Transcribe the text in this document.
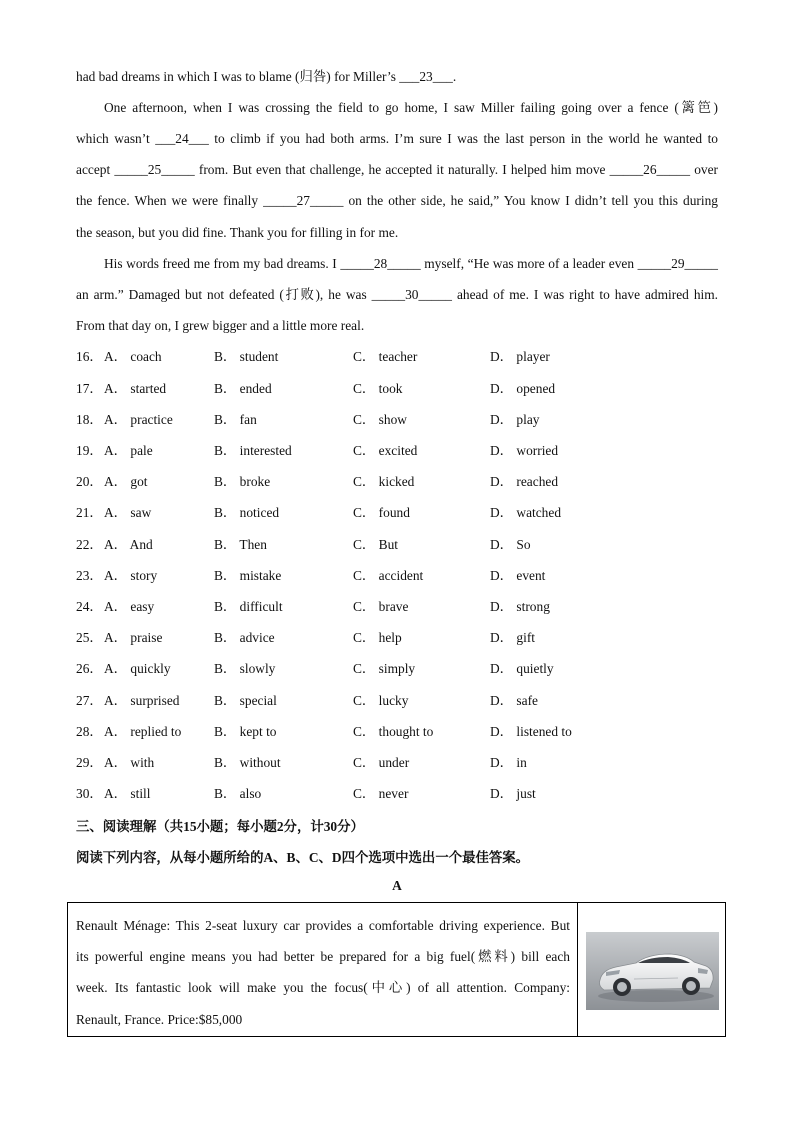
had bad dreams in which I was to blame (归咎) for Miller’s ___23___.
One afternoon, when I was crossing the field to go home, I saw Miller failing going over a fence (篱笆)
which wasn’t ___24___ to climb if you had both arms. I’m sure I was the last person in the world he wanted to
accept _____25_____ from. But even that challenge, he accepted it naturally. I helped him move _____26_____ over
the fence. When we were finally _____27_____ on the other side, he said,” You know I didn’t tell you this during
the season, but you did fine. Thank you for filling in for me.
His words freed me from my bad dreams. I _____28_____ myself, “He was more of a leader even _____29_____
an arm.” Damaged but not defeated (打败), he was _____30_____ ahead of me. I was right to have admired him.
From that day on, I grew bigger and a little more real.
16． A． coach	B． student	C． teacher	D． player
17． A． started	B． ended	C． took	D． opened
18． A． practice	B． fan	C． show	D． play
19． A． pale	B． interested	C． excited	D． worried
20． A． got	B． broke	C． kicked	D． reached
21． A． saw	B． noticed	C． found	D． watched
22． A． And	B． Then	C． But	D． So
23． A． story	B． mistake	C． accident	D． event
24． A． easy	B． difficult	C． brave	D． strong
25． A． praise	B． advice	C． help	D． gift
26． A． quickly	B． slowly	C． simply	D． quietly
27． A． surprised	B． special	C． lucky	D． safe
28． A． replied to B． kept to	C． thought to	D． listened to
29． A． with	B． without	C． under	D． in
30． A． still	B． also	C． never	D． just
三、阅读理解（共15小题；每小题2分，计30分）
阅读下列内容，从每小题所给的A、B、C、D四个选项中选出一个最佳答案。
A
Renault Ménage: This 2-seat luxury car provides a comfortable driving experience. But
its powerful engine means you had better be prepared for a big fuel(燃料) bill each
week. Its fantastic look will make you the focus(中心) of all attention. Company:
Renault, France. Price:$85,000
